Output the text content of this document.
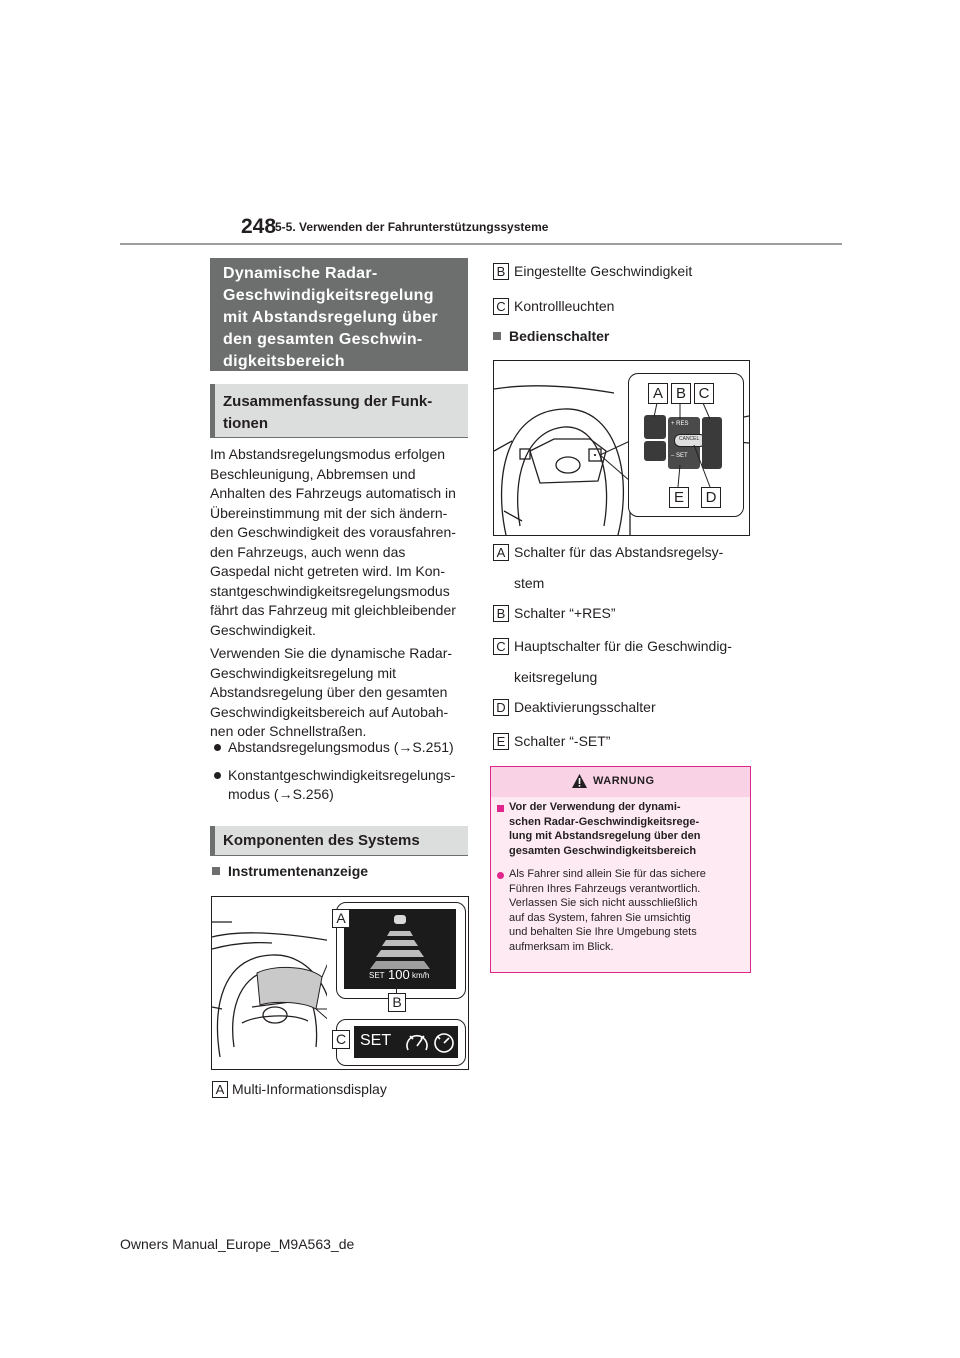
248
5-5. Verwenden der Fahrunterstützungssysteme
Dynamische Radar-
Geschwindigkeitsregelung
mit Abstandsregelung über
den gesamten Geschwin-
digkeitsbereich
Zusammenfassung der Funk-
tionen
Im Abstandsregelungsmodus erfolgen
Beschleunigung, Abbremsen und
Anhalten des Fahrzeugs automatisch in
Übereinstimmung mit der sich ändern-
den Geschwindigkeit des vorausfahren-
den Fahrzeugs, auch wenn das
Gaspedal nicht getreten wird. Im Kon-
stantgeschwindigkeitsregelungsmodus
fährt das Fahrzeug mit gleichbleibender
Geschwindigkeit.
Verwenden Sie die dynamische Radar-
Geschwindigkeitsregelung mit
Abstandsregelung über den gesamten
Geschwindigkeitsbereich auf Autobah-
nen oder Schnellstraßen.
Abstandsregelungsmodus (→S.251)
Konstantgeschwindigkeitsregelungs-
modus (→S.256)
Komponenten des Systems
Instrumentenanzeige
SET 100 km/h
SET
A
B
C
A Multi-Informationsdisplay
B Eingestellte Geschwindigkeit
C Kontrollleuchten
Bedienschalter
+ RES
– SET
CANCEL
A B C
E	D
A Schalter für das Abstandsregelsy-
stem
B Schalter “+RES”
C Hauptschalter für die Geschwindig-
keitsregelung
D Deaktivierungsschalter
E Schalter “-SET”
WARNUNG
Vor der Verwendung der dynami-
schen Radar-Geschwindigkeitsrege-
lung mit Abstandsregelung über den
gesamten Geschwindigkeitsbereich
Als Fahrer sind allein Sie für das sichere
Führen Ihres Fahrzeugs verantwortlich.
Verlassen Sie sich nicht ausschließlich
auf das System, fahren Sie umsichtig
und behalten Sie Ihre Umgebung stets
aufmerksam im Blick.
Owners Manual_Europe_M9A563_de
